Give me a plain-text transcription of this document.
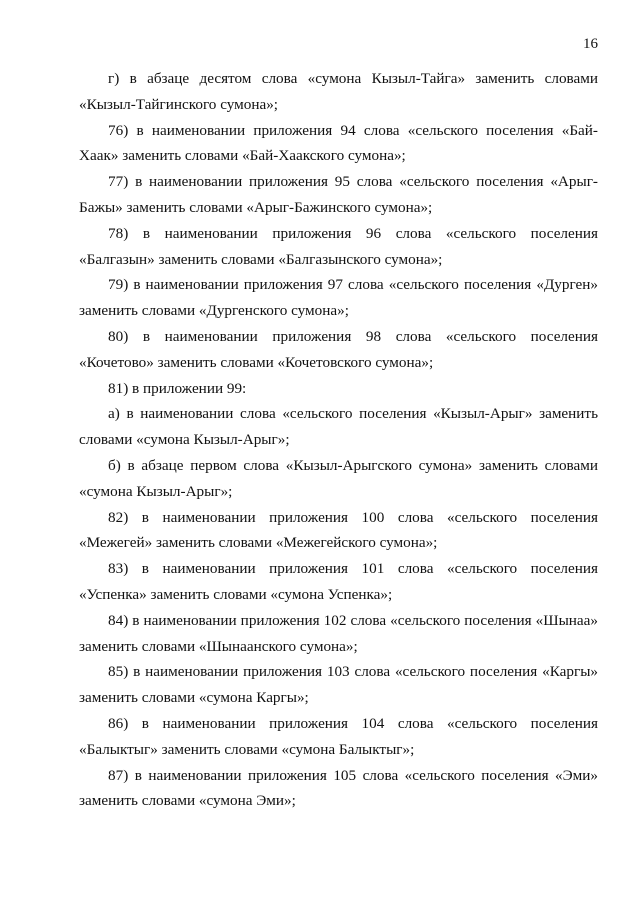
16
г) в абзаце десятом слова «сумона Кызыл-Тайга» заменить словами
«Кызыл-Тайгинского сумона»;
76) в наименовании приложения 94 слова «сельского поселения «Бай-
Хаак» заменить словами «Бай-Хаакского сумона»;
77) в наименовании приложения 95 слова «сельского поселения «Арыг-
Бажы» заменить словами «Арыг-Бажинского сумона»;
78) в наименовании приложения 96 слова «сельского поселения
«Балгазын» заменить словами «Балгазынского сумона»;
79) в наименовании приложения 97 слова «сельского поселения «Дурген»
заменить словами «Дургенского сумона»;
80) в наименовании приложения 98 слова «сельского поселения
«Кочетово» заменить словами «Кочетовского сумона»;
81) в приложении 99:
а) в наименовании слова «сельского поселения «Кызыл-Арыг» заменить
словами «сумона Кызыл-Арыг»;
б) в абзаце первом слова «Кызыл-Арыгского сумона» заменить словами
«сумона Кызыл-Арыг»;
82) в наименовании приложения 100 слова «сельского поселения
«Межегей» заменить словами «Межегейского сумона»;
83) в наименовании приложения 101 слова «сельского поселения
«Успенка» заменить словами «сумона Успенка»;
84) в наименовании приложения 102 слова «сельского поселения «Шынаа»
заменить словами «Шынаанского сумона»;
85) в наименовании приложения 103 слова «сельского поселения «Каргы»
заменить словами «сумона Каргы»;
86) в наименовании приложения 104 слова «сельского поселения
«Балыктыг» заменить словами «сумона Балыктыг»;
87) в наименовании приложения 105 слова «сельского поселения «Эми»
заменить словами «сумона Эми»;
